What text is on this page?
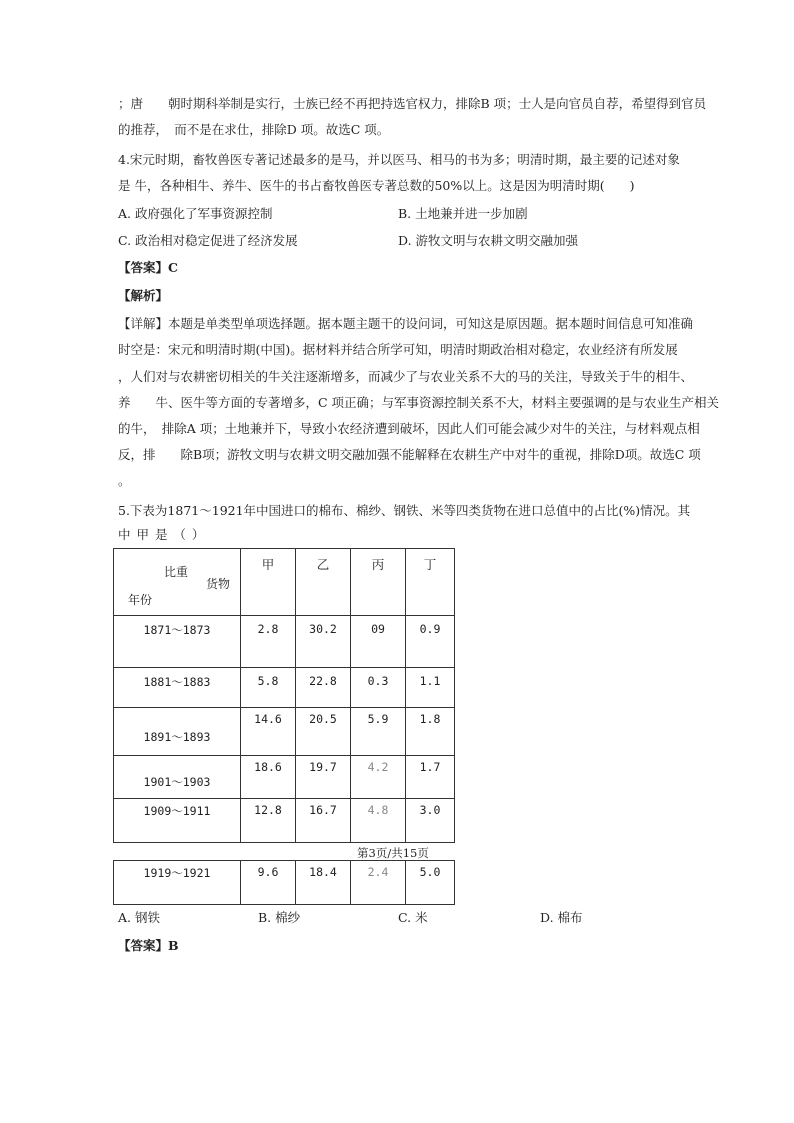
；唐　　朝时期科举制是实行，士族已经不再把持选官权力，排除B 项；士人是向官员自荐，希望得到官员
的推荐，　而不是在求仕，排除D 项。故选C 项。
4.宋元时期，畜牧兽医专著记述最多的是马，并以医马、相马的书为多；明清时期，最主要的记述对象
是 牛，各种相牛、养牛、医牛的书占畜牧兽医专著总数的50%以上。这是因为明清时期(　　)
A. 政府强化了军事资源控制	B. 土地兼并进一步加剧
C. 政治相对稳定促进了经济发展	D. 游牧文明与农耕文明交融加强
【答案】C
【解析】
【详解】本题是单类型单项选择题。据本题主题干的设问词，可知这是原因题。据本题时间信息可知准确
时空是：宋元和明清时期(中国)。据材料并结合所学可知，明清时期政治相对稳定，农业经济有所发展
，人们对与农耕密切相关的牛关注逐渐增多，而减少了与农业关系不大的马的关注，导致关于牛的相牛、
养　　牛、医牛等方面的专著增多，C 项正确；与军事资源控制关系不大，材料主要强调的是与农业生产相关
的牛，　排除A 项；土地兼并下，导致小农经济遭到破坏，因此人们可能会减少对牛的关注，与材料观点相
反，排　　除B项；游牧文明与农耕文明交融加强不能解释在农耕生产中对牛的重视，排除D项。故选C 项
。
5.下表为1871～1921年中国进口的棉布、棉纱、钢铁、米等四类货物在进口总值中的占比(%)情况。其
中 甲 是 （ ）
比重
货物
年份	甲	乙	丙	丁
1871～1873	2.8	30.2	09	0.9
1881～1883	5.8	22.8	0.3	1.1
1891～1893	14.6	20.5	5.9	1.8
1901～1903	18.6	19.7	4.2	1.7
1909～1911	12.8	16.7	4.8	3.0
第3页/共15页
1919～1921	9.6	18.4	2.4	5.0
A. 钢铁	B. 棉纱	C. 米	D. 棉布
【答案】B
